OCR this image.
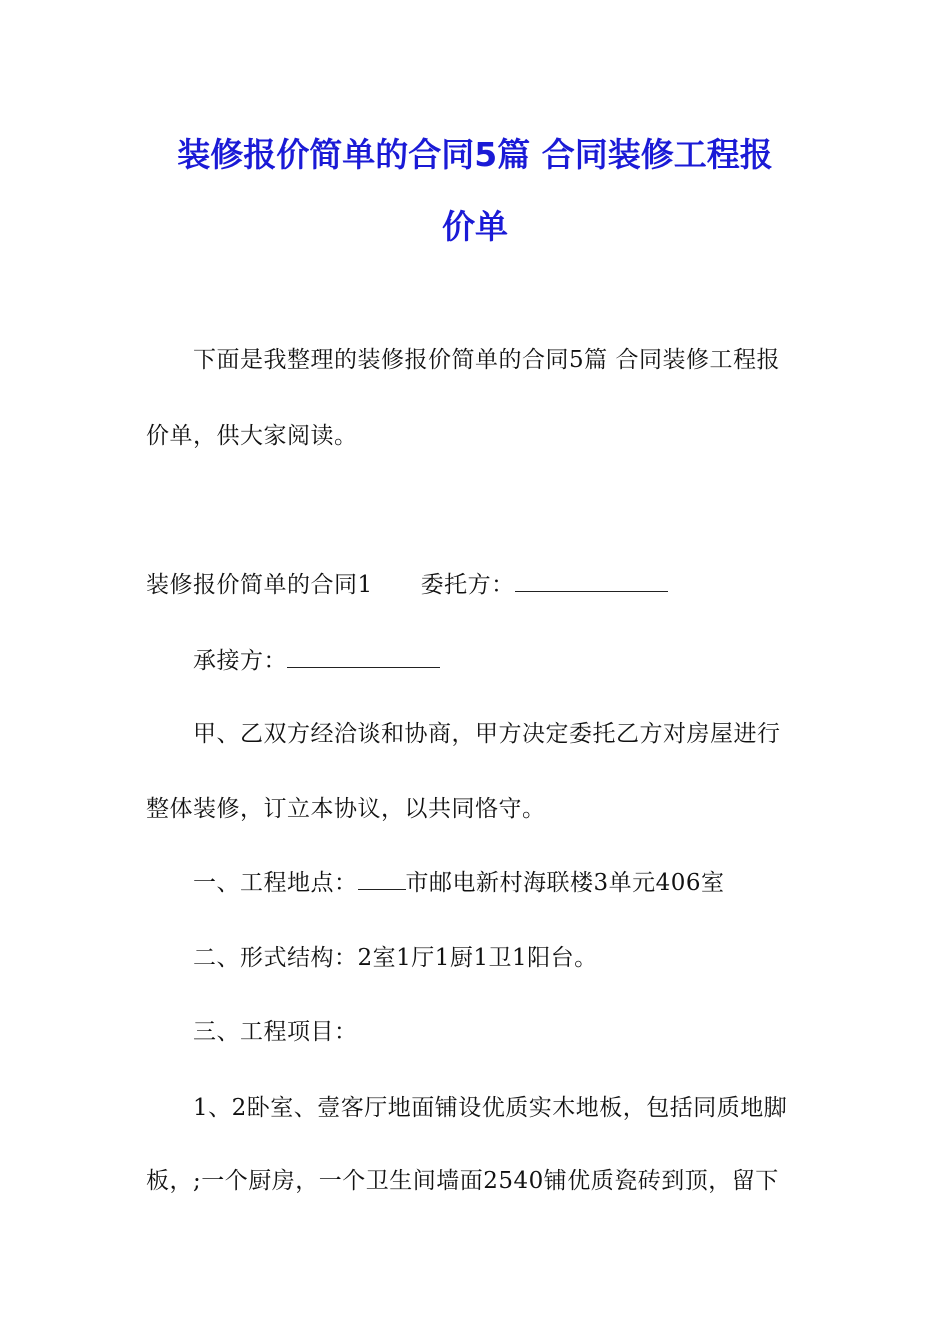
装修报价简单的合同5篇 合同装修工程报
价单
下面是我整理的装修报价简单的合同5篇 合同装修工程报
价单，供大家阅读。
装修报价简单的合同1 委托方：
承接方：
甲、乙双方经洽谈和协商，甲方决定委托乙方对房屋进行
整体装修，订立本协议，以共同恪守。
一、工程地点： 市邮电新村海联楼3单元406室
二、形式结构：2室1厅1厨1卫1阳台。
三、工程项目：
1、2卧室、壹客厅地面铺设优质实木地板，包括同质地脚
板，;一个厨房，一个卫生间墙面2540铺优质瓷砖到顶，留下
